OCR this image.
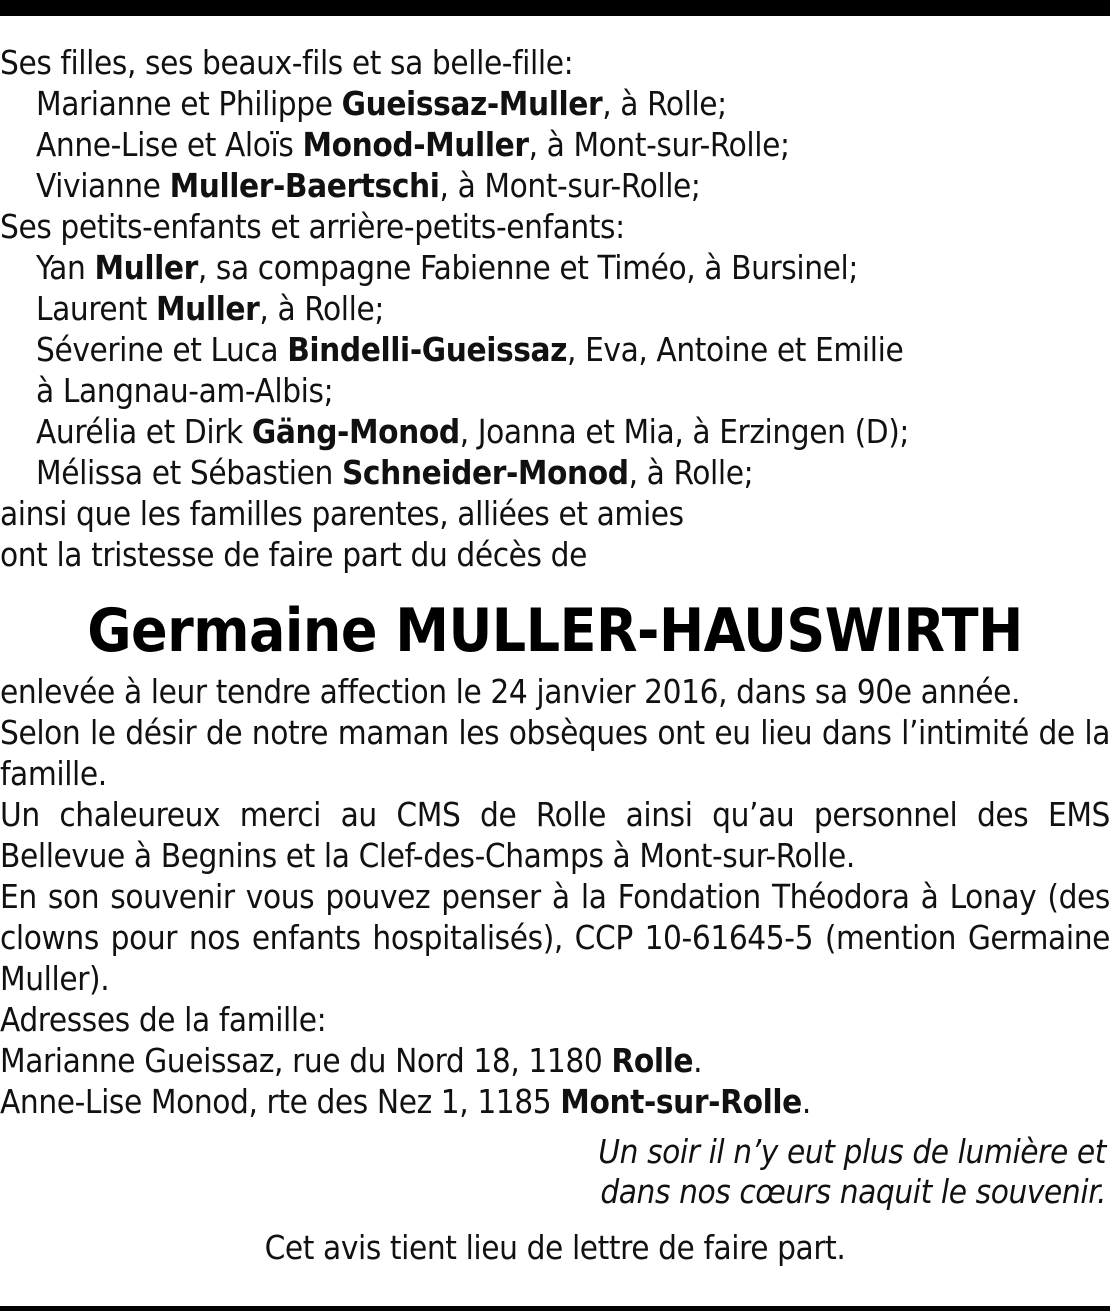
Ses filles, ses beaux-fils et sa belle-fille:
Marianne et Philippe Gueissaz-Muller, à Rolle;
Anne-Lise et Aloïs Monod-Muller, à Mont-sur-Rolle;
Vivianne Muller-Baertschi, à Mont-sur-Rolle;
Ses petits-enfants et arrière-petits-enfants:
Yan Muller, sa compagne Fabienne et Timéo, à Bursinel;
Laurent Muller, à Rolle;
Séverine et Luca Bindelli-Gueissaz, Eva, Antoine et Emilie
à Langnau-am-Albis;
Aurélia et Dirk Gäng-Monod, Joanna et Mia, à Erzingen (D);
Mélissa et Sébastien Schneider-Monod, à Rolle;
ainsi que les familles parentes, alliées et amies
ont la tristesse de faire part du décès de
Germaine MULLER-HAUSWIRTH
enlevée à leur tendre affection le 24 janvier 2016, dans sa 90e année.
Selon le désir de notre maman les obsèques ont eu lieu dans l’intimité de la famille.
Un chaleureux merci au CMS de Rolle ainsi qu’au personnel des EMS Bellevue à Begnins et la Clef-des-Champs à Mont-sur-Rolle.
En son souvenir vous pouvez penser à la Fondation Théodora à Lonay (des clowns pour nos enfants hospitalisés), CCP 10-61645-5 (mention Germaine Muller).
Adresses de la famille:
Marianne Gueissaz, rue du Nord 18, 1180 Rolle.
Anne-Lise Monod, rte des Nez 1, 1185 Mont-sur-Rolle.
Un soir il n’y eut plus de lumière et
dans nos cœurs naquit le souvenir.
Cet avis tient lieu de lettre de faire part.
